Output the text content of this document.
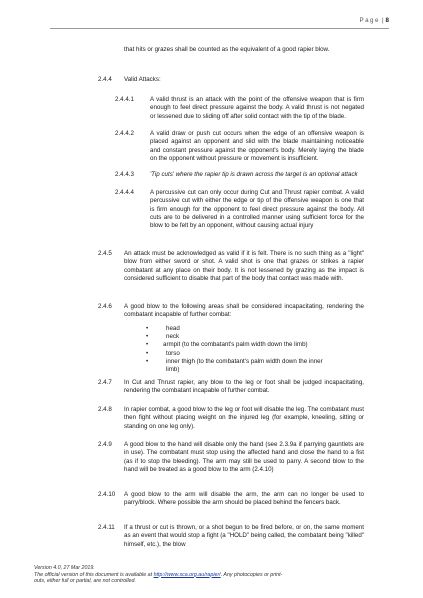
Page | 8

that hits or grazes shall be counted as the equivalent of a good rapier blow.

2.4.4 Valid Attacks:
2.4.4.1	A valid thrust is an attack with the point of the offensive weapon that is firm enough to feel direct pressure against the body. A valid thrust is not negated or lessened due to sliding off after solid contact with the tip of the blade.

2.4.4.2	A valid draw or push cut occurs when the edge of an offensive weapon is placed against an opponent and slid with the blade maintaining noticeable and constant pressure against the opponent's body. Merely laying the blade on the opponent without pressure or movement is insufficient.

2.4.4.3	'Tip cuts' where the rapier tip is drawn across the target is an optional attack

2.4.4.4	A percussive cut can only occur during Cut and Thrust rapier combat. A valid percussive cut with either the edge or tip of the offensive weapon is one that is firm enough for the opponent to feel direct pressure against the body. All cuts are to be delivered in a controlled manner using sufficient force for the blow to be felt by an opponent, without causing actual injury

2.4.5 An attack must be acknowledged as valid if it is felt. There is no such thing as a "light" blow from either sword or shot. A valid shot is one that grazes or strikes a rapier combatant at any place on their body. It is not lessened by grazing as the impact is considered sufficient to disable that part of the body that contact was made with.

2.4.6 A good blow to the following areas shall be considered incapacitating, rendering the combatant incapable of further combat:

•	head
•	neck
• armpit (to the combatant's palm width down the limb)
•	torso
•	inner thigh (to the combatant's palm width down the inner limb)

2.4.7 In Cut and Thrust rapier, any blow to the leg or foot shall be judged incapacitating, rendering the combatant incapable of further combat.

2.4.8 In rapier combat, a good blow to the leg or foot will disable the leg. The combatant must then fight without placing weight on the injured leg (for example, kneeling, sitting or standing on one leg only).

2.4.9 A good blow to the hand will disable only the hand (see 2.3.9a if parrying gauntlets are in use). The combatant must stop using the affected hand and close the hand to a fist (as if to stop the bleeding). The arm may still be used to parry. A second blow to the hand will be treated as a good blow to the arm (2.4.10)

2.4.10 A good blow to the arm will disable the arm, the arm can no longer be used to parry/block. Where possible the arm should be placed behind the fencers back.

2.4.11 If a thrust or cut is thrown, or a shot begun to be fired before, or on, the same moment as an event that would stop a fight (a "HOLD" being called, the combatant being "killed" himself, etc.), the blow

Version 4.0, 27 Mar 2019.
The official version of this document is available at http://www.sca.org.au/rapier/. Any photocopies or print-
outs, either full or partial, are not controlled.
